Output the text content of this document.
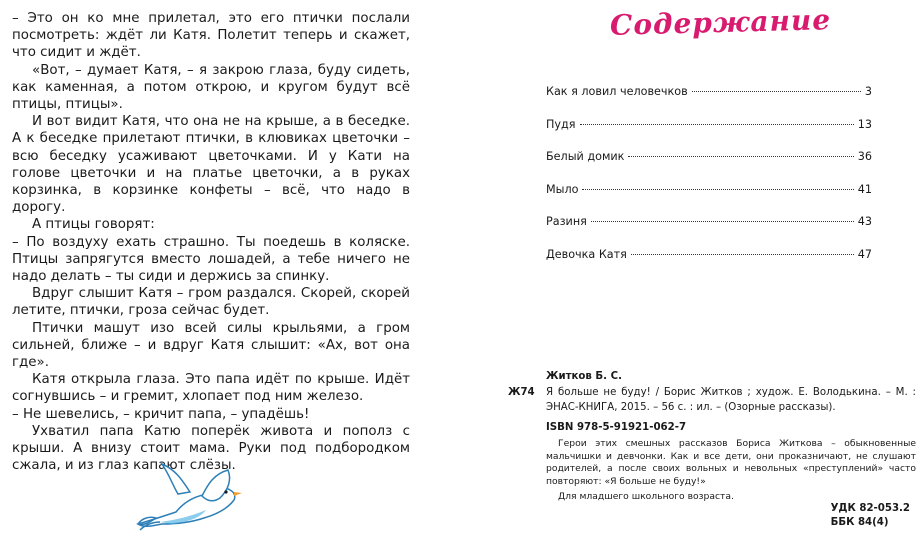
– Это он ко мне прилетал, это его птички послали посмотреть: ждёт ли Катя. Полетит теперь и скажет, что сидит и ждёт.

«Вот, – думает Катя, – я закрою глаза, буду сидеть, как каменная, а потом открою, и кругом будут всё птицы, птицы».

И вот видит Катя, что она не на крыше, а в беседке. А к беседке прилетают птички, в клювиках цветочки – всю беседку усаживают цветочками. И у Кати на голове цветочки и на платье цветочки, а в руках корзинка, в корзинке конфеты – всё, что надо в дорогу.

А птицы говорят:

– По воздуху ехать страшно. Ты поедешь в коляске. Птицы запрягутся вместо лошадей, а тебе ничего не надо делать – ты сиди и держись за спинку.

Вдруг слышит Катя – гром раздался. Скорей, скорей летите, птички, гроза сейчас будет.

Птички машут изо всей силы крыльями, а гром сильней, ближе – и вдруг Катя слышит: «Ах, вот она где».

Катя открыла глаза. Это папа идёт по крыше. Идёт согнувшись – и гремит, хлопает под ним железо.

– Не шевелись, – кричит папа, – упадёшь!

Ухватил папа Катю поперёк живота и пополз с крыши. А внизу стоит мама. Руки под подбородком сжала, и из глаз капают слёзы.

Содержание
Как я ловил человечков	3
Пудя	13
Белый домик	36
Мыло	41
Разиня	43
Девочка Катя	47
Житков Б. С.
Ж74 Я больше не буду! / Борис Житков ; худож. Е. Володькина. – М. : ЭНАС-КНИГА, 2015. – 56 с. : ил. – (Озорные рассказы).
ISBN 978-5-91921-062-7
Герои этих смешных рассказов Бориса Житкова – обыкновенные мальчишки и девчонки. Как и все дети, они проказничают, не слушают родителей, а после своих вольных и невольных «преступлений» часто повторяют: «Я больше не буду!»
Для младшего школьного возраста.
УДК 82-053.2
ББК 84(4)
